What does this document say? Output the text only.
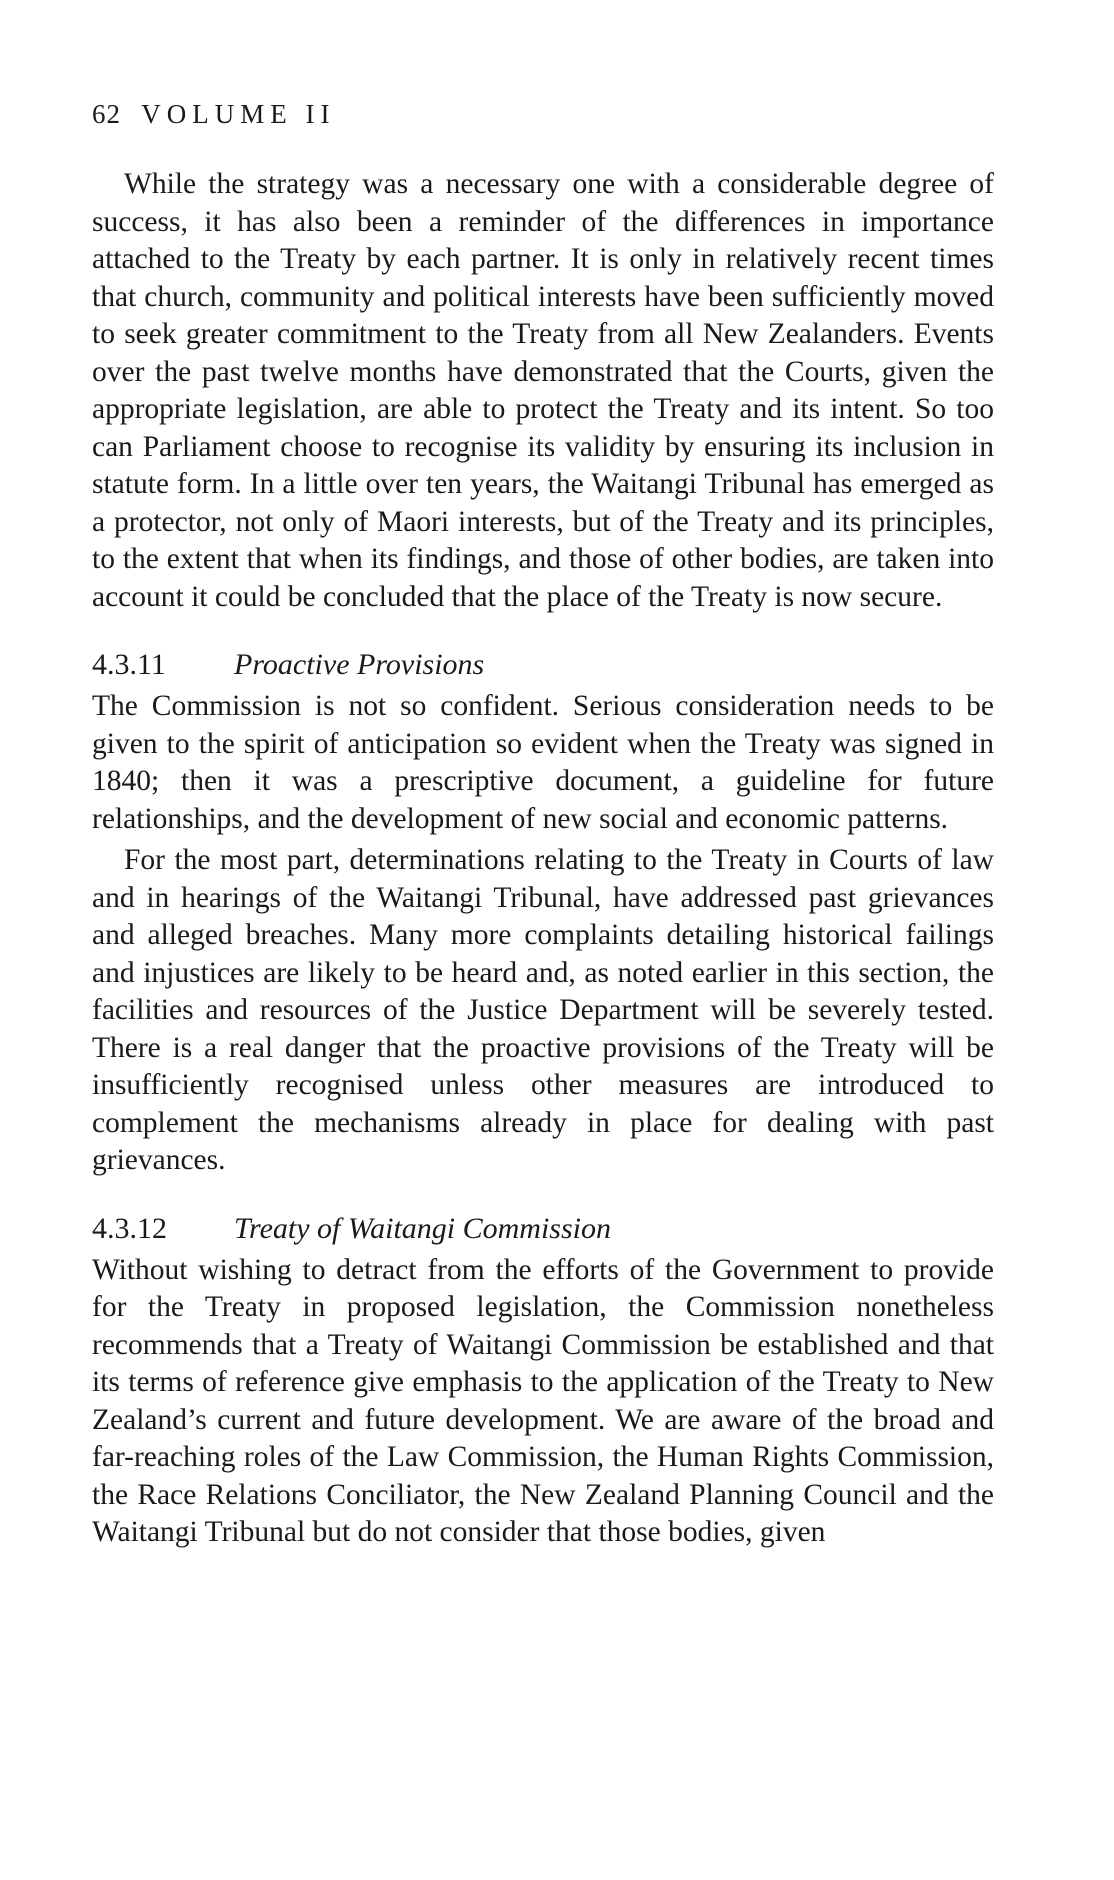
62 VOLUME II

While the strategy was a necessary one with a considerable degree of success, it has also been a reminder of the differences in importance attached to the Treaty by each partner. It is only in relatively recent times that church, community and political interests have been sufficiently moved to seek greater commitment to the Treaty from all New Zealanders. Events over the past twelve months have demonstrated that the Courts, given the appropriate legislation, are able to protect the Treaty and its intent. So too can Parliament choose to recognise its validity by ensuring its inclusion in statute form. In a little over ten years, the Waitangi Tribunal has emerged as a protector, not only of Maori interests, but of the Treaty and its principles, to the extent that when its findings, and those of other bodies, are taken into account it could be concluded that the place of the Treaty is now secure.

4.3.11 Proactive Provisions

The Commission is not so confident. Serious consideration needs to be given to the spirit of anticipation so evident when the Treaty was signed in 1840; then it was a prescriptive document, a guideline for future relationships, and the development of new social and economic patterns.

For the most part, determinations relating to the Treaty in Courts of law and in hearings of the Waitangi Tribunal, have addressed past grievances and alleged breaches. Many more complaints detailing historical failings and injustices are likely to be heard and, as noted earlier in this section, the facilities and resources of the Justice Department will be severely tested. There is a real danger that the proactive provisions of the Treaty will be insufficiently recognised unless other measures are introduced to complement the mechanisms already in place for dealing with past grievances.

4.3.12 Treaty of Waitangi Commission

Without wishing to detract from the efforts of the Government to provide for the Treaty in proposed legislation, the Commission nonetheless recommends that a Treaty of Waitangi Commission be established and that its terms of reference give emphasis to the application of the Treaty to New Zealand’s current and future development. We are aware of the broad and far-reaching roles of the Law Commission, the Human Rights Commission, the Race Relations Conciliator, the New Zealand Planning Council and the Waitangi Tribunal but do not consider that those bodies, given
